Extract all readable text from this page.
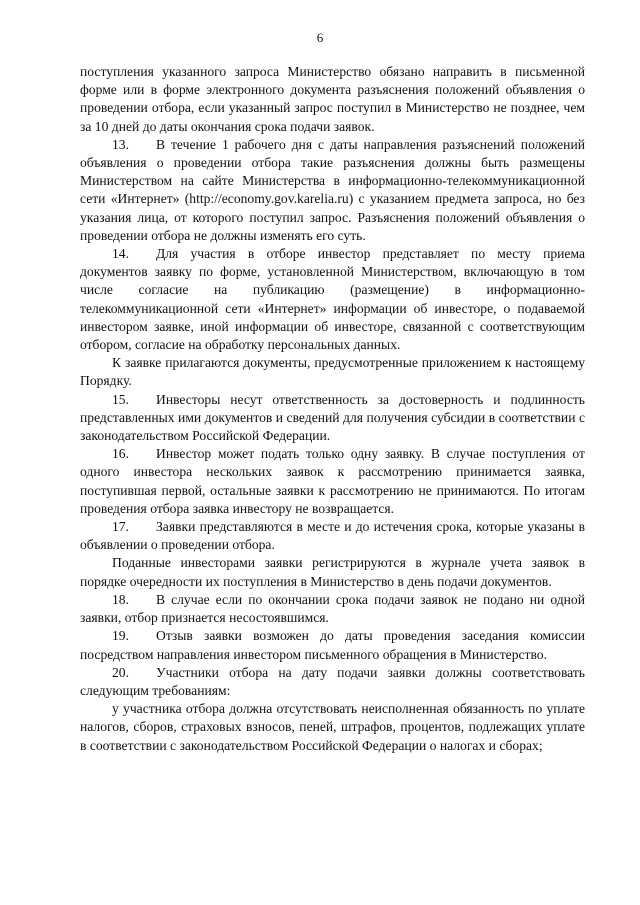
6

поступления указанного запроса Министерство обязано направить в письменной форме или в форме электронного документа разъяснения положений объявления о проведении отбора, если указанный запрос поступил в Министерство не позднее, чем за 10 дней до даты окончания срока подачи заявок.

13. В течение 1 рабочего дня с даты направления разъяснений положений объявления о проведении отбора такие разъяснения должны быть размещены Министерством на сайте Министерства в информационно-телекоммуникационной сети «Интернет» (http://economy.gov.karelia.ru) с указанием предмета запроса, но без указания лица, от которого поступил запрос. Разъяснения положений объявления о проведении отбора не должны изменять его суть.

14. Для участия в отборе инвестор представляет по месту приема документов заявку по форме, установленной Министерством, включающую в том числе согласие на публикацию (размещение) в информационно-телекоммуникационной сети «Интернет» информации об инвесторе, о подаваемой инвестором заявке, иной информации об инвесторе, связанной с соответствующим отбором, согласие на обработку персональных данных.

К заявке прилагаются документы, предусмотренные приложением к настоящему Порядку.

15. Инвесторы несут ответственность за достоверность и подлинность представленных ими документов и сведений для получения субсидии в соответствии с законодательством Российской Федерации.

16. Инвестор может подать только одну заявку. В случае поступления от одного инвестора нескольких заявок к рассмотрению принимается заявка, поступившая первой, остальные заявки к рассмотрению не принимаются. По итогам проведения отбора заявка инвестору не возвращается.

17. Заявки представляются в месте и до истечения срока, которые указаны в объявлении о проведении отбора.

Поданные инвесторами заявки регистрируются в журнале учета заявок в порядке очередности их поступления в Министерство в день подачи документов.

18. В случае если по окончании срока подачи заявок не подано ни одной заявки, отбор признается несостоявшимся.

19. Отзыв заявки возможен до даты проведения заседания комиссии посредством направления инвестором письменного обращения в Министерство.

20. Участники отбора на дату подачи заявки должны соответствовать следующим требованиям:

у участника отбора должна отсутствовать неисполненная обязанность по уплате налогов, сборов, страховых взносов, пеней, штрафов, процентов, подлежащих уплате в соответствии с законодательством Российской Федерации о налогах и сборах;
